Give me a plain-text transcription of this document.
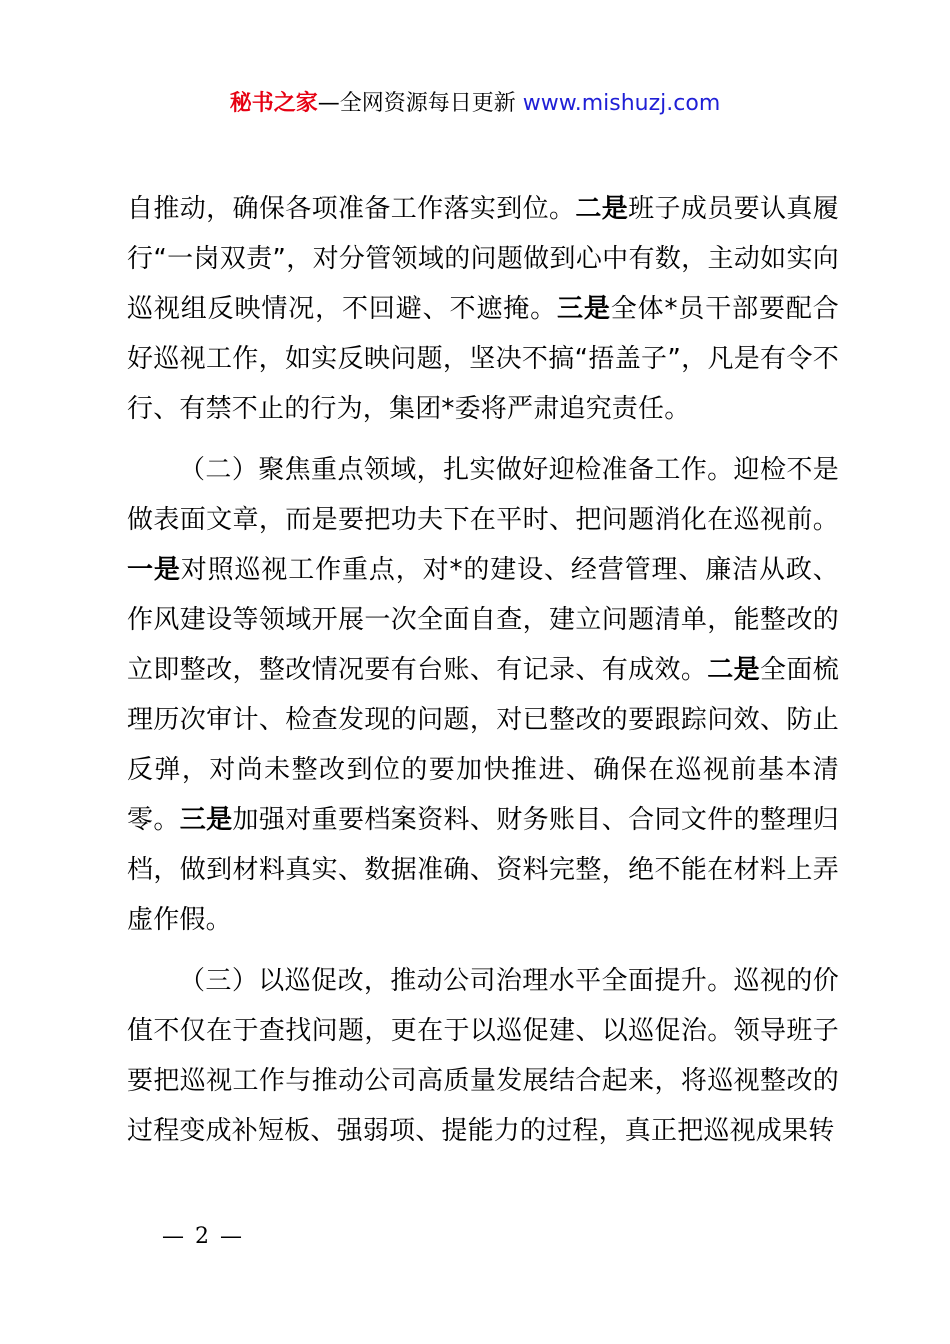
秘书之家—全网资源每日更新 www.mishuzj.com

自推动，确保各项准备工作落实到位。二是班子成员要认真履行“一岗双责”，对分管领域的问题做到心中有数，主动如实向巡视组反映情况，不回避、不遮掩。三是全体*员干部要配合好巡视工作，如实反映问题，坚决不搞“捂盖子”，凡是有令不行、有禁不止的行为，集团*委将严肃追究责任。

（二）聚焦重点领域，扎实做好迎检准备工作。迎检不是做表面文章，而是要把功夫下在平时、把问题消化在巡视前。一是对照巡视工作重点，对*的建设、经营管理、廉洁从政、作风建设等领域开展一次全面自查，建立问题清单，能整改的立即整改，整改情况要有台账、有记录、有成效。二是全面梳理历次审计、检查发现的问题，对已整改的要跟踪问效、防止反弹，对尚未整改到位的要加快推进、确保在巡视前基本清零。三是加强对重要档案资料、财务账目、合同文件的整理归档，做到材料真实、数据准确、资料完整，绝不能在材料上弄虚作假。

（三）以巡促改，推动公司治理水平全面提升。巡视的价值不仅在于查找问题，更在于以巡促建、以巡促治。领导班子要把巡视工作与推动公司高质量发展结合起来，将巡视整改的过程变成补短板、强弱项、提能力的过程，真正把巡视成果转

— 2 —
